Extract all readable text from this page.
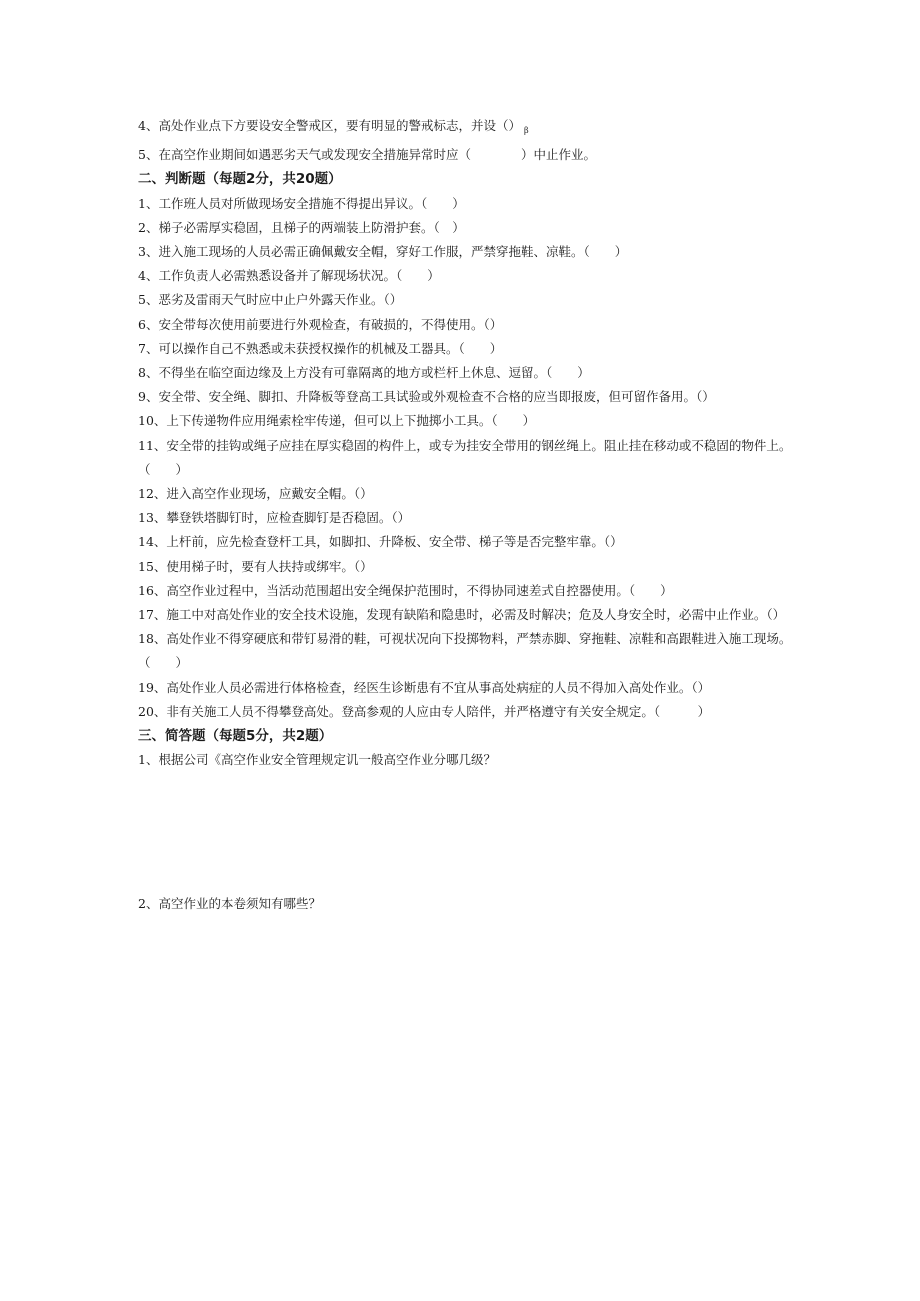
4、高处作业点下方要设安全警戒区，要有明显的警戒标志，并设（） $_\beta$
5、在高空作业期间如遇恶劣天气或发现安全措施异常时应（　　　　）中止作业。
二、判断题（每题2分，共20题）
1、工作班人员对所做现场安全措施不得提出异议。（　　）
2、梯子必需厚实稳固，且梯子的两端装上防滑护套。（　）
3、进入施工现场的人员必需正确佩戴安全帽，穿好工作服，严禁穿拖鞋、凉鞋。（　　）
4、工作负责人必需熟悉设备并了解现场状况。（　　）
5、恶劣及雷雨天气时应中止户外露天作业。（）
6、安全带每次使用前要进行外观检查，有破损的，不得使用。（）
7、可以操作自己不熟悉或未获授权操作的机械及工器具。（　　）
8、不得坐在临空面边缘及上方没有可靠隔离的地方或栏杆上休息、逗留。（　　）
9、安全带、安全绳、脚扣、升降板等登高工具试验或外观检查不合格的应当即报废，但可留作备用。（）
10、上下传递物件应用绳索栓牢传递，但可以上下抛掷小工具。（　　）
11、安全带的挂钩或绳子应挂在厚实稳固的构件上，或专为挂安全带用的钢丝绳上。阻止挂在移动或不稳固的物件上。（　　）
12、进入高空作业现场，应戴安全帽。（）
13、攀登铁塔脚钉时，应检查脚钉是否稳固。（）
14、上杆前，应先检查登杆工具，如脚扣、升降板、安全带、梯子等是否完整牢靠。（）
15、使用梯子时，要有人扶持或绑牢。（）
16、高空作业过程中，当活动范围超出安全绳保护范围时，不得协同速差式自控器使用。（　　）
17、施工中对高处作业的安全技术设施，发现有缺陷和隐患时，必需及时解决；危及人身安全时，必需中止作业。（）
18、高处作业不得穿硬底和带钉易滑的鞋，可视状况向下投掷物料，严禁赤脚、穿拖鞋、凉鞋和高跟鞋进入施工现场。（　　）
19、高处作业人员必需进行体格检查，经医生诊断患有不宜从事高处病症的人员不得加入高处作业。（）
20、非有关施工人员不得攀登高处。登高参观的人应由专人陪伴，并严格遵守有关安全规定。（　　　）
三、简答题（每题5分，共2题）
1、根据公司《高空作业安全管理规定讥一般高空作业分哪几级？
2、高空作业的本卷须知有哪些？
